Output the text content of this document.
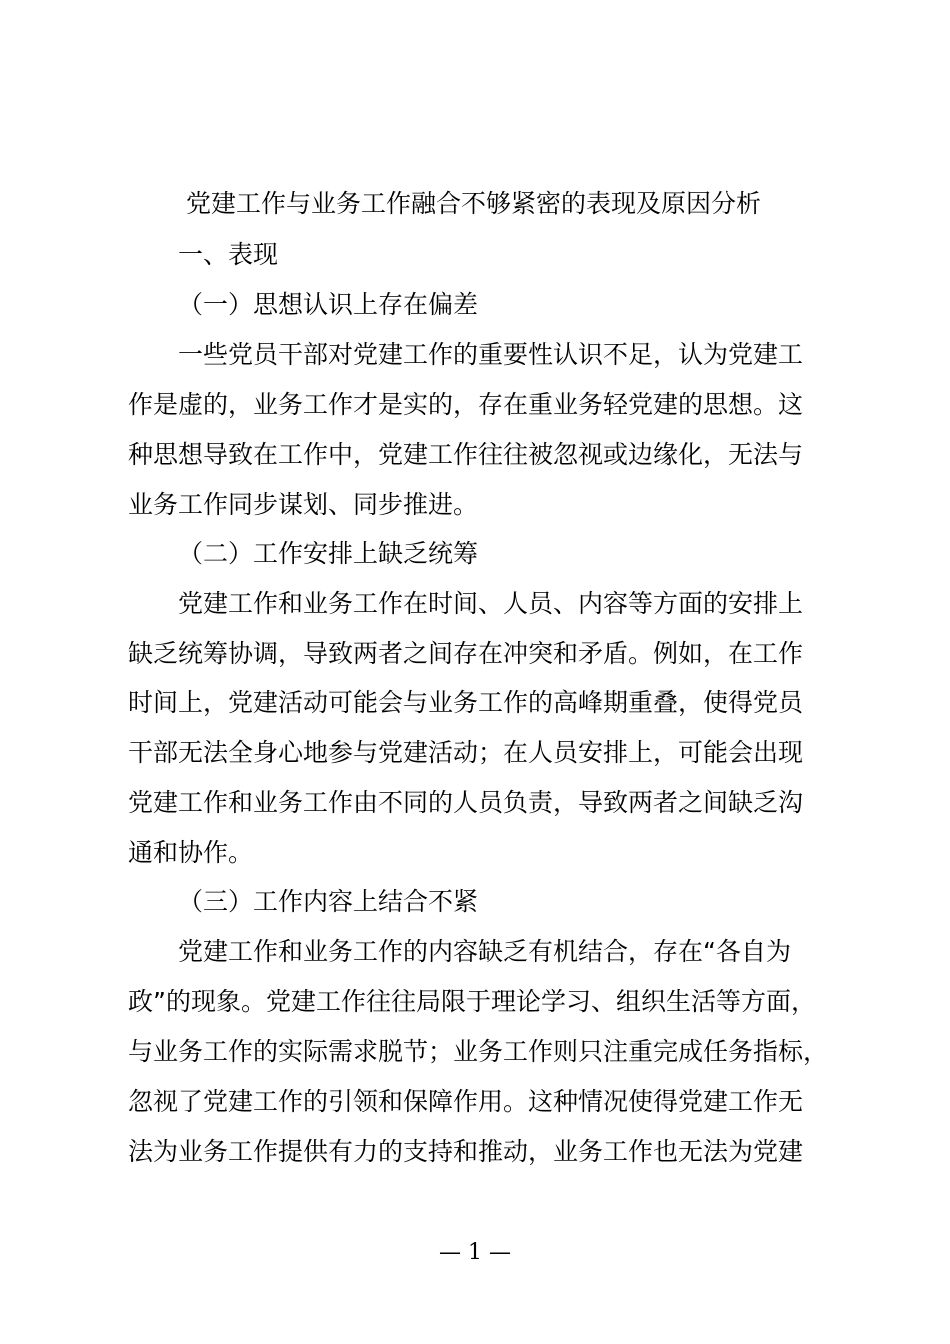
党建工作与业务工作融合不够紧密的表现及原因分析
一、表现
（一）思想认识上存在偏差
一些党员干部对党建工作的重要性认识不足，认为党建工
作是虚的，业务工作才是实的，存在重业务轻党建的思想。这
种思想导致在工作中，党建工作往往被忽视或边缘化，无法与
业务工作同步谋划、同步推进。
（二）工作安排上缺乏统筹
党建工作和业务工作在时间、人员、内容等方面的安排上
缺乏统筹协调，导致两者之间存在冲突和矛盾。例如，在工作
时间上，党建活动可能会与业务工作的高峰期重叠，使得党员
干部无法全身心地参与党建活动；在人员安排上，可能会出现
党建工作和业务工作由不同的人员负责，导致两者之间缺乏沟
通和协作。
（三）工作内容上结合不紧
党建工作和业务工作的内容缺乏有机结合，存在“各自为
政”的现象。党建工作往往局限于理论学习、组织生活等方面，
与业务工作的实际需求脱节；业务工作则只注重完成任务指标，
忽视了党建工作的引领和保障作用。这种情况使得党建工作无
法为业务工作提供有力的支持和推动，业务工作也无法为党建
— 1 —
